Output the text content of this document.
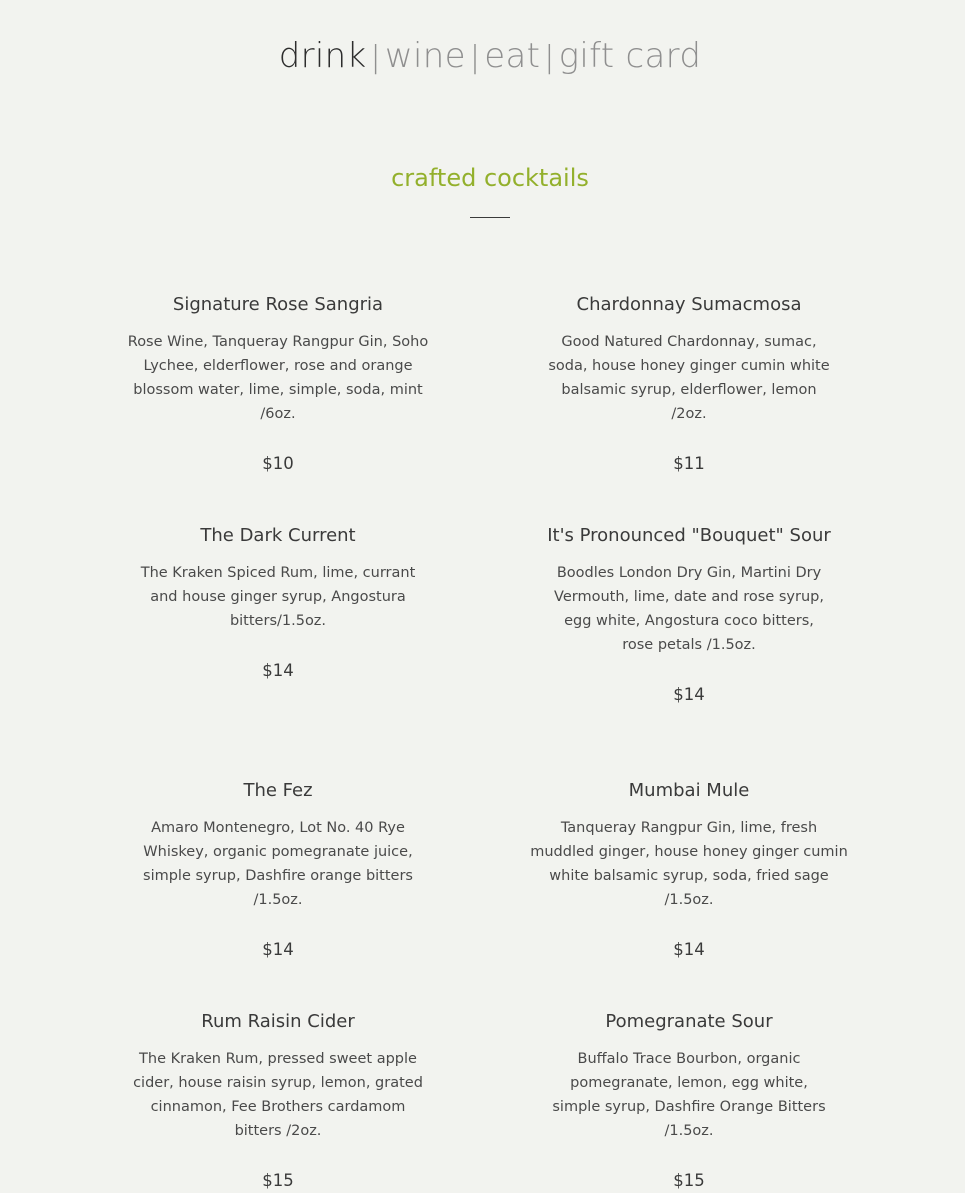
drink | wine | eat | gift card
crafted cocktails
Signature Rose Sangria
Rose Wine, Tanqueray Rangpur Gin, Soho Lychee, elderflower, rose and orange blossom water, lime, simple, soda, mint /6oz.
$10
Chardonnay Sumacmosa
Good Natured Chardonnay, sumac, soda, house honey ginger cumin white balsamic syrup, elderflower, lemon /2oz.
$11
The Dark Current
The Kraken Spiced Rum, lime, currant and house ginger syrup, Angostura bitters/1.5oz.
$14
It's Pronounced "Bouquet" Sour
Boodles London Dry Gin, Martini Dry Vermouth, lime, date and rose syrup, egg white, Angostura coco bitters, rose petals /1.5oz.
$14
The Fez
Amaro Montenegro, Lot No. 40 Rye Whiskey, organic pomegranate juice, simple syrup, Dashfire orange bitters /1.5oz.
$14
Mumbai Mule
Tanqueray Rangpur Gin, lime, fresh muddled ginger, house honey ginger cumin white balsamic syrup, soda, fried sage /1.5oz.
$14
Rum Raisin Cider
The Kraken Rum, pressed sweet apple cider, house raisin syrup, lemon, grated cinnamon, Fee Brothers cardamom bitters /2oz.
$15
Pomegranate Sour
Buffalo Trace Bourbon, organic pomegranate, lemon, egg white, simple syrup, Dashfire Orange Bitters /1.5oz.
$15
